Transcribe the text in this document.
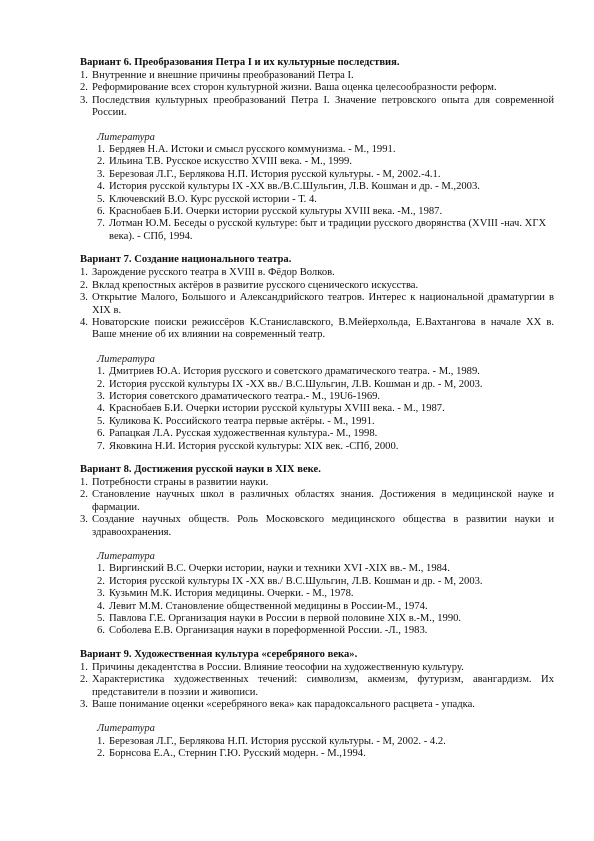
Вариант 6. Преобразования Петра I и их культурные последствия.
1. Внутренние и внешние причины преобразований Петра I.
2. Реформирование всех сторон культурной жизни. Ваша оценка целесообразности реформ.
3. Последствия культурных преобразований Петра I. Значение петровского опыта для современной России.
Литература
1. Бердяев Н.А. Истоки и смысл русского коммунизма. - М., 1991.
2. Ильина Т.В. Русское искусство XVIII века. - М., 1999.
3. Березовая Л.Г., Берлякова Н.П. История русской культуры. - М, 2002.-4.1.
4. История русской культуры IX -XX вв./В.С.Шульгин, Л.В. Кошман и др. - М.,2003.
5. Ключевский В.О. Курс русской истории - Т. 4.
6. Краснобаев Б.И. Очерки истории русской культуры XVIII века. -М., 1987.
7. Лотман Ю.М. Беседы о русской культуре: быт и традиции русского дворянства (XVIII -нач. XГX века). - СПб, 1994.
Вариант 7. Создание национального театра.
1. Зарождение русского театра в XVIII в. Фёдор Волков.
2. Вклад крепостных актёров в развитие русского сценического искусства.
3. Открытие Малого, Большого и Александрийского театров. Интерес к национальной драматургии в XIX в.
4. Новаторские поиски режиссёров К.Станиславского, В.Мейерхольда, Е.Вахтангова в начале XX в. Ваше мнение об их влиянии на современный театр.
Литература
1. Дмитриев Ю.А. История русского и советского драматического театра. - М., 1989.
2. История русской культуры IX -XX вв./ В.С.Шульгин, Л.В. Кошман и др. - М, 2003.
3. История советского драматического театра.- М., 19U6-1969.
4. Краснобаев Б.И. Очерки истории русской культуры XVIII века. - М., 1987.
5. Куликова К. Российского театра первые актёры. - М., 1991.
6. Рапацкая Л.А. Русская художественная культура.- М., 1998.
7. Яковкина Н.И. История русской культуры: XIX век. -СПб, 2000.
Вариант 8. Достижения русской науки в XIX веке.
1. Потребности страны в развитии науки.
2. Становление научных школ в различных областях знания. Достижения в медицинской науке и фармации.
3. Создание научных обществ. Роль Московского медицинского общества в развитии науки и здравоохранения.
Литература
1. Виргинский В.С. Очерки истории, науки и техники XVI -XIX вв.- М., 1984.
2. История русской культуры IX -XX вв./ В.С.Шульгин, Л.В. Кошман и др. - М, 2003.
3. Кузьмин М.К. История медицины. Очерки. - М., 1978.
4. Левит М.М. Становление общественной медицины в России-М., 1974.
5. Павлова Г.Е. Организация науки в России в первой половине XIX в.-М., 1990.
6. Соболева Е.В. Организация науки в пореформенной России. -Л., 1983.
Вариант 9. Художественная культура «серебряного века».
1. Причины декадентства в России. Влияние теософии на художественную культуру.
2. Характеристика художественных течений: символизм, акмеизм, футуризм, авангардизм. Их представители в поэзии и живописи.
3. Ваше понимание оценки «серебряного века» как парадоксального расцвета - упадка.
Литература
1. Березовая Л.Г., Берлякова Н.П. История русской культуры. - М, 2002. - 4.2.
2. Борнсова Е.А., Стернин Г.Ю. Русский модерн. - М.,1994.
